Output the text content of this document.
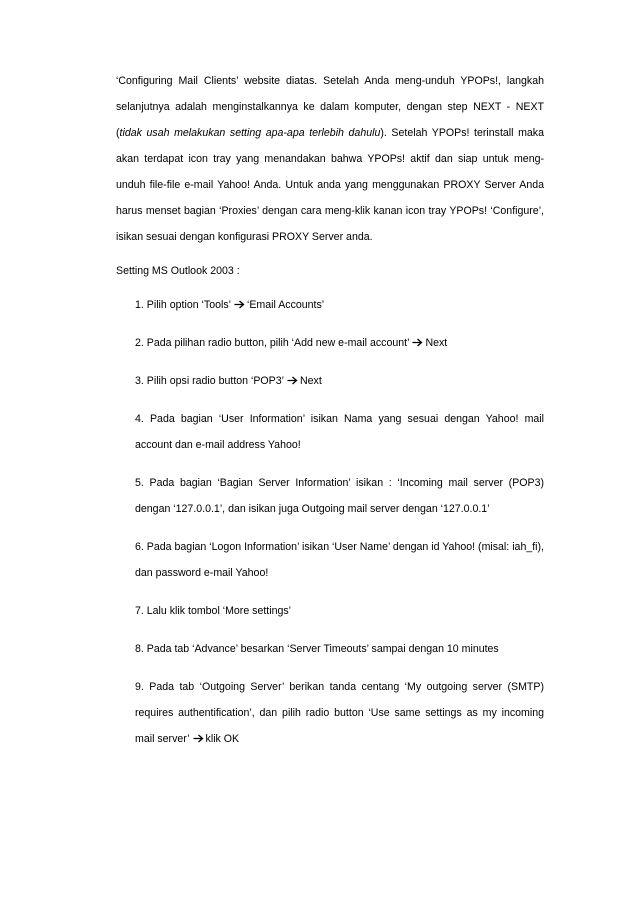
‘Configuring Mail Clients’ website diatas. Setelah Anda meng-unduh YPOPs!, langkah selanjutnya adalah menginstalkannya ke dalam komputer, dengan step NEXT - NEXT (tidak usah melakukan setting apa-apa terlebih dahulu). Setelah YPOPs! terinstall maka akan terdapat icon tray yang menandakan bahwa YPOPs! aktif dan siap untuk meng-unduh file-file e-mail Yahoo! Anda. Untuk anda yang menggunakan PROXY Server Anda harus menset bagian ‘Proxies’ dengan cara meng-klik kanan icon tray YPOPs! ‘Configure’, isikan sesuai dengan konfigurasi PROXY Server anda.

Setting MS Outlook 2003 :

1. Pilih option ‘Tools’ ‘Email Accounts’
2. Pada pilihan radio button, pilih ‘Add new e-mail account’ Next
3. Pilih opsi radio button ‘POP3’ Next
4. Pada bagian ‘User Information’ isikan Nama yang sesuai dengan Yahoo! mail account dan e-mail address Yahoo!
5. Pada bagian ‘Bagian Server Information’ isikan : ‘Incoming mail server (POP3) dengan ‘127.0.0.1’, dan isikan juga Outgoing mail server dengan ‘127.0.0.1’
6. Pada bagian ‘Logon Information’ isikan ‘User Name’ dengan id Yahoo! (misal: iah_fi), dan password e-mail Yahoo!
7. Lalu klik tombol ‘More settings’
8. Pada tab ‘Advance’ besarkan ‘Server Timeouts’ sampai dengan 10 minutes
9. Pada tab ‘Outgoing Server’ berikan tanda centang ‘My outgoing server (SMTP) requires authentification’, dan pilih radio button ‘Use same settings as my incoming mail server’ klik OK
